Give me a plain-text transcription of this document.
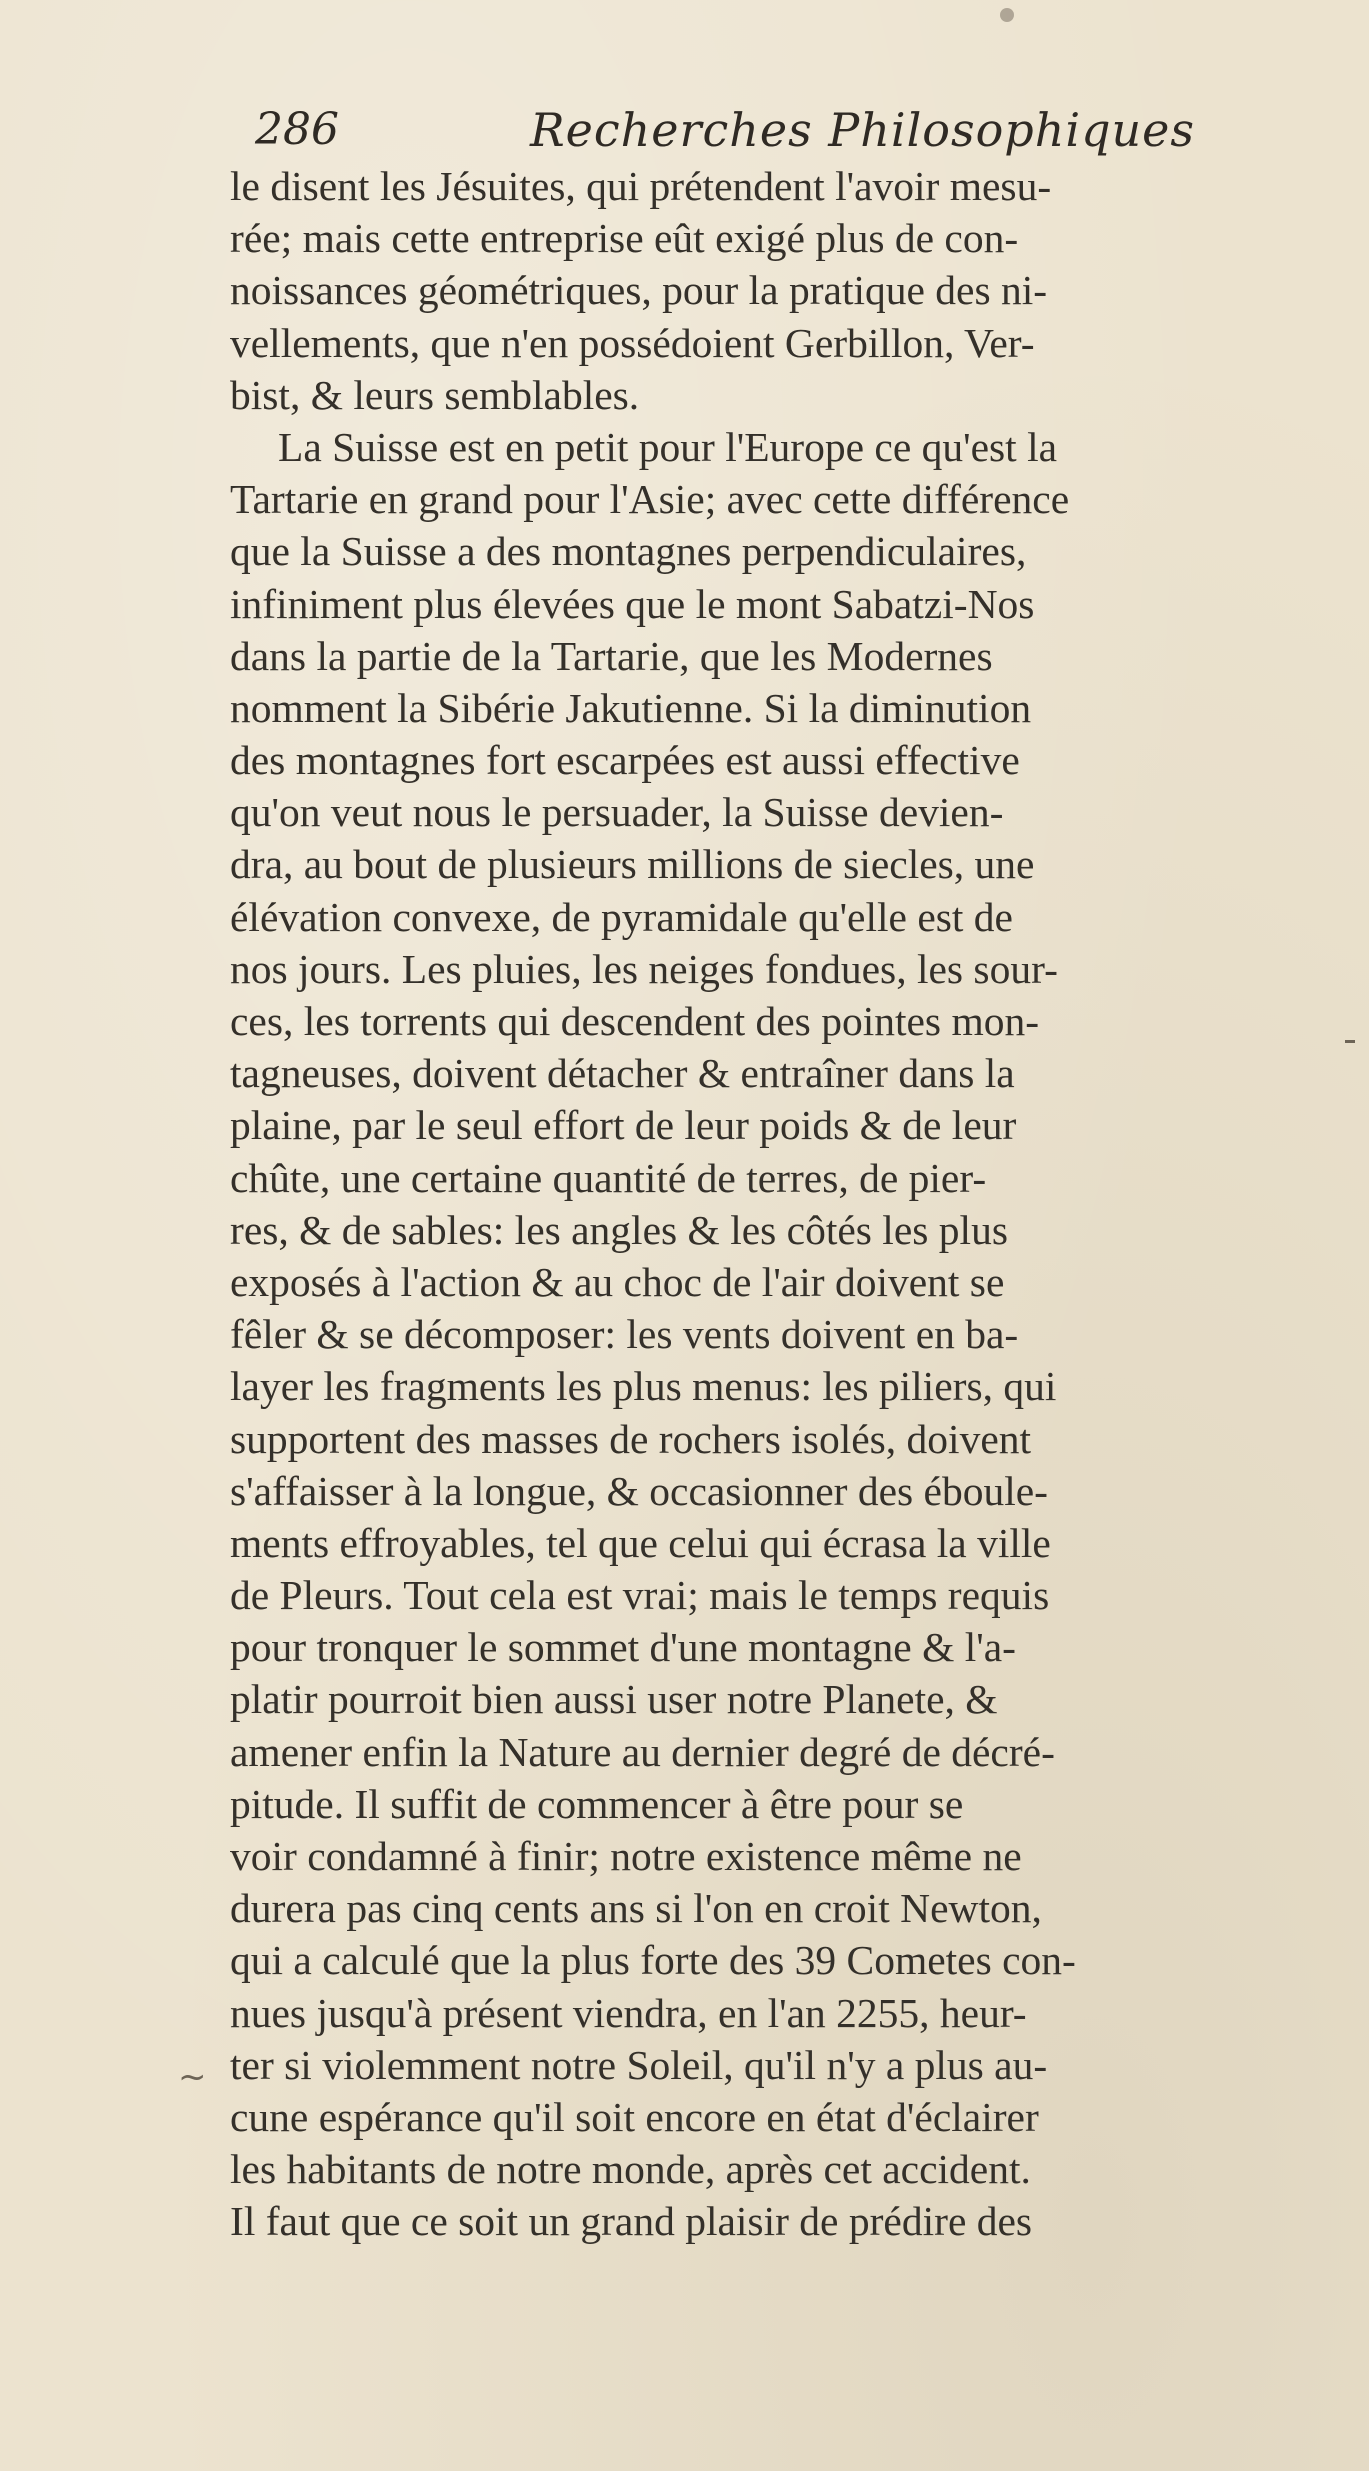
286	Recherches Philosophiques
le disent les Jésuites, qui prétendent l'avoir mesu-
rée; mais cette entreprise eût exigé plus de con-
noissances géométriques, pour la pratique des ni-
vellements, que n'en possédoient Gerbillon, Ver-
bist, & leurs semblables.
La Suisse est en petit pour l'Europe ce qu'est la
Tartarie en grand pour l'Asie; avec cette différence
que la Suisse a des montagnes perpendiculaires,
infiniment plus élevées que le mont Sabatzi-Nos
dans la partie de la Tartarie, que les Modernes
nomment la Sibérie Jakutienne. Si la diminution
des montagnes fort escarpées est aussi effective
qu'on veut nous le persuader, la Suisse devien-
dra, au bout de plusieurs millions de siecles, une
élévation convexe, de pyramidale qu'elle est de
nos jours. Les pluies, les neiges fondues, les sour-
ces, les torrents qui descendent des pointes mon-
tagneuses, doivent détacher & entraîner dans la
plaine, par le seul effort de leur poids & de leur
chûte, une certaine quantité de terres, de pier-
res, & de sables: les angles & les côtés les plus
exposés à l'action & au choc de l'air doivent se
fêler & se décomposer: les vents doivent en ba-
layer les fragments les plus menus: les piliers, qui
supportent des masses de rochers isolés, doivent
s'affaisser à la longue, & occasionner des éboule-
ments effroyables, tel que celui qui écrasa la ville
de Pleurs. Tout cela est vrai; mais le temps requis
pour tronquer le sommet d'une montagne & l'a-
platir pourroit bien aussi user notre Planete, &
amener enfin la Nature au dernier degré de décré-
pitude. Il suffit de commencer à être pour se
voir condamné à finir; notre existence même ne
durera pas cinq cents ans si l'on en croit Newton,
qui a calculé que la plus forte des 39 Cometes con-
nues jusqu'à présent viendra, en l'an 2255, heur-
ter si violemment notre Soleil, qu'il n'y a plus au-
cune espérance qu'il soit encore en état d'éclairer
les habitants de notre monde, après cet accident.
Il faut que ce soit un grand plaisir de prédire des
~
